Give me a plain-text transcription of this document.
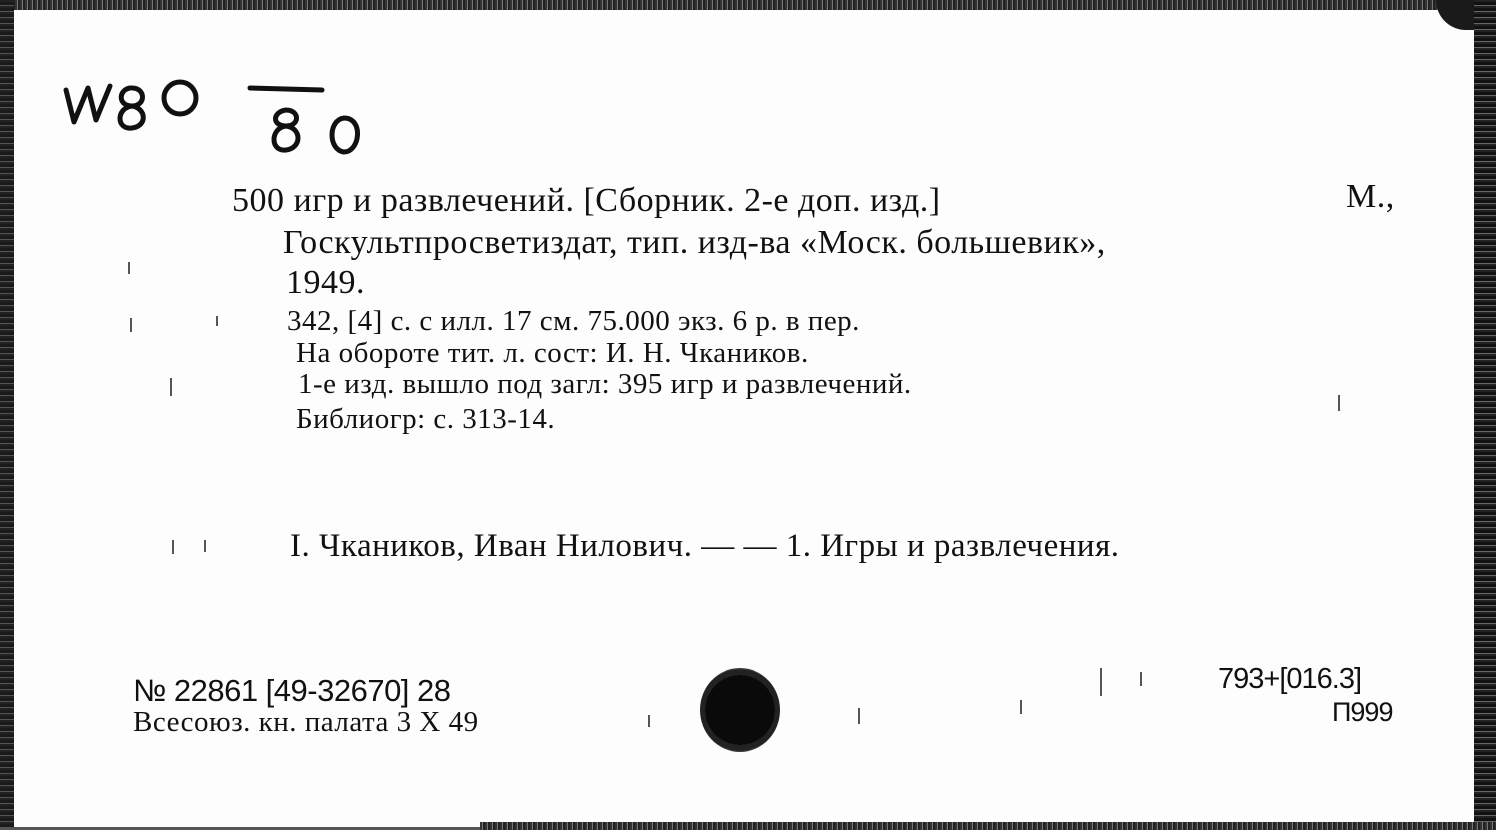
500 игр и развлечений. [Сборник. 2-е доп. изд.]	М.,
Госкультпросветиздат, тип. изд-ва «Моск. большевик»,
1949.
342, [4] с. с илл. 17 см. 75.000 экз. 6 р. в пер.
На обороте тит. л. сост: И. Н. Чкаников.
1-е изд. вышло под загл: 395 игр и развлечений.
Библиогр: с. 313-14.
I. Чкаников, Иван Нилович. — — 1. Игры и развлечения.
№ 22861 [49-32670] 28
Всесоюз. кн. палата 3 X 49
793+[016.3]
П999
